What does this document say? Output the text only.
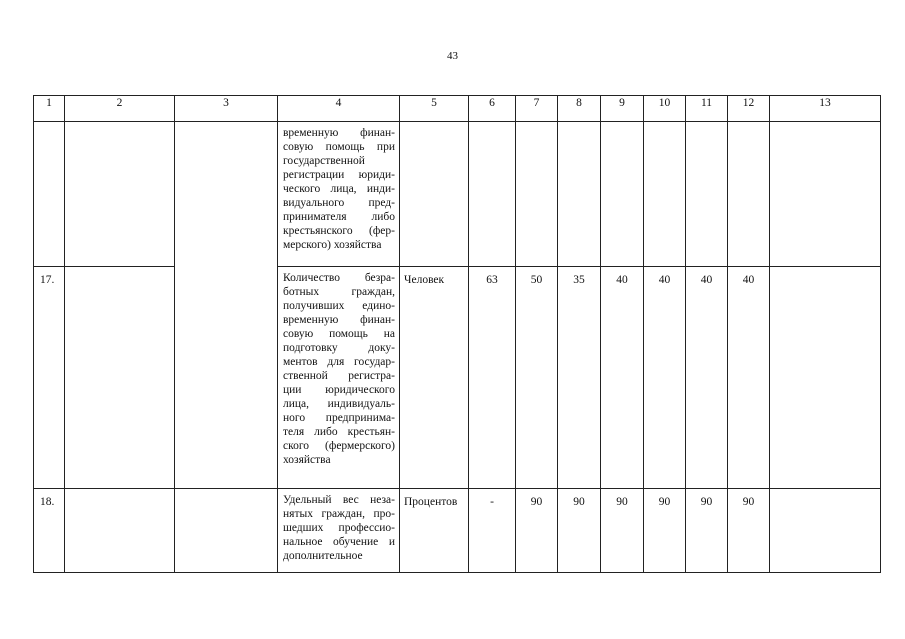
43
1	2	3	4	5	6	7	8	9	10	11	12	13

			временную финан-совую помощь при государственной регистрации юриди-ческого лица, инди-видуального пред-принимателя либо крестьянского (фер-мерского) хозяйства									

17.			Количество безра-ботных граждан, получивших едино-временную финан-совую помощь на подготовку доку-ментов для государ-ственной регистра-ции юридического лица, индивидуаль-ного предпринима-теля либо крестьян-ского (фермерского) хозяйства	Человек	63	50	35	40	40	40	40	

18.			Удельный вес неза-нятых граждан, про-шедших профессио-нальное обучение и дополнительное	Процентов	-	90	90	90	90	90	90	
